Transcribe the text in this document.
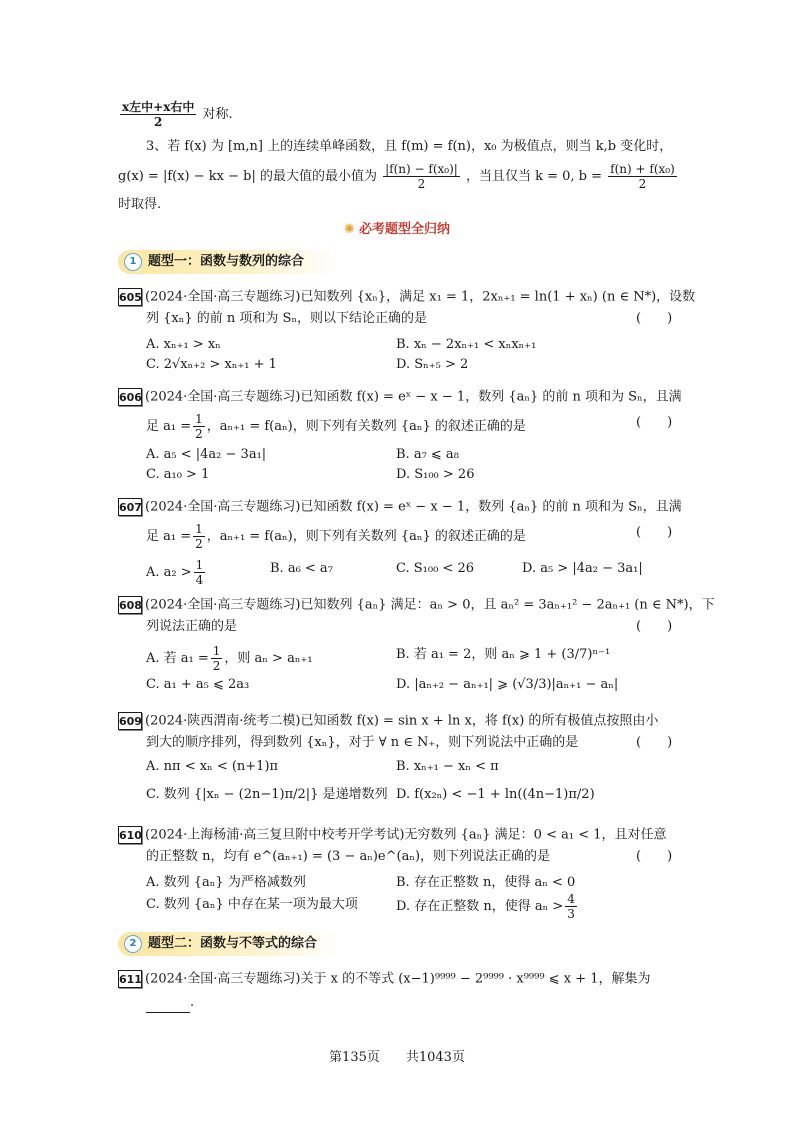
$\frac{\text{x左中+x右中}}{2}$ 对称.
3、若 f(x) 为 [m,n] 上的连续单峰函数，且 f(m) = f(n)，x₀ 为极值点，则当 k,b 变化时，
g(x) = |f(x) − kx − b| 的最大值的最小值为 $\frac{\text{|f(n) − f(x₀)|}}{2}$ ，当且仅当 k = 0, $b = \frac{\text{f(n) + f(x₀)}}{2}$
时取得.
✺ 必考题型全归纳
1 题型一：函数与数列的综合
605 (2024·全国·高三专题练习)已知数列 {xₙ}，满足 x₁ = 1，2xₙ₊₁ = ln(1 + xₙ) (n ∈ N*)，设数
列 {xₙ} 的前 n 项和为 Sₙ，则以下结论正确的是	(　　)
A. xₙ₊₁ > xₙ	B. xₙ − 2xₙ₊₁ < xₙxₙ₊₁
C. 2√xₙ₊₂ > xₙ₊₁ + 1	D. Sₙ₊₅ > 2
606 (2024·全国·高三专题练习)已知函数 f(x) = eˣ − x − 1，数列 {aₙ} 的前 n 项和为 Sₙ，且满
足 $a_1 = \frac{1}{2}$ ，aₙ₊₁ = f(aₙ)，则下列有关数列 {aₙ} 的叙述正确的是	(　　)
A. a₅ < |4a₂ − 3a₁|	B. a₇ ⩽ a₈
C. a₁₀ > 1	D. S₁₀₀ > 26
607 (2024·全国·高三专题练习)已知函数 f(x) = eˣ − x − 1，数列 {aₙ} 的前 n 项和为 Sₙ，且满
足 $a_1 = \frac{1}{2}$ ，aₙ₊₁ = f(aₙ)，则下列有关数列 {aₙ} 的叙述正确的是	(　　)
A. $a_2 > \frac{1}{4}$	B. a₆ < a₇	C. S₁₀₀ < 26	D. a₅ > |4a₂ − 3a₁|
608 (2024·全国·高三专题练习)已知数列 {aₙ} 满足：aₙ > 0，且 aₙ² = 3aₙ₊₁² − 2aₙ₊₁ (n ∈ N*)，下
列说法正确的是	(　　)
A. 若 $a_1 = \frac{1}{2}$ ，则 aₙ > aₙ₊₁	B. 若 a₁ = 2，则 aₙ ⩾ 1 + (3/7)ⁿ⁻¹
C. a₁ + a₅ ⩽ 2a₃	D. |aₙ₊₂ − aₙ₊₁| ⩾ (√3/3)|aₙ₊₁ − aₙ|
609 (2024·陕西渭南·统考二模)已知函数 f(x) = sin x + ln x，将 f(x) 的所有极值点按照由小
到大的顺序排列，得到数列 {xₙ}，对于 ∀ n ∈ N₊，则下列说法中正确的是	(　　)
A. nπ < xₙ < (n+1)π	B. xₙ₊₁ − xₙ < π
C. 数列 {|xₙ − (2n−1)π/2|} 是递增数列 D. f(x₂ₙ) < −1 + ln((4n−1)π/2)
610 (2024·上海杨浦·高三复旦附中校考开学考试)无穷数列 {aₙ} 满足：0 < a₁ < 1，且对任意
的正整数 n，均有 e^(aₙ₊₁) = (3 − aₙ)e^(aₙ)，则下列说法正确的是	(　　)
A. 数列 {aₙ} 为严格减数列	B. 存在正整数 n，使得 aₙ < 0
C. 数列 {aₙ} 中存在某一项为最大项	D. 存在正整数 n，使得 $a_n > \frac{4}{3}$
2 题型二：函数与不等式的综合
611 (2024·全国·高三专题练习)关于 x 的不等式 (x−1)⁹⁹⁹⁹ − 2⁹⁹⁹⁹ · x⁹⁹⁹⁹ ⩽ x + 1，解集为
.
第135页　　共1043页
